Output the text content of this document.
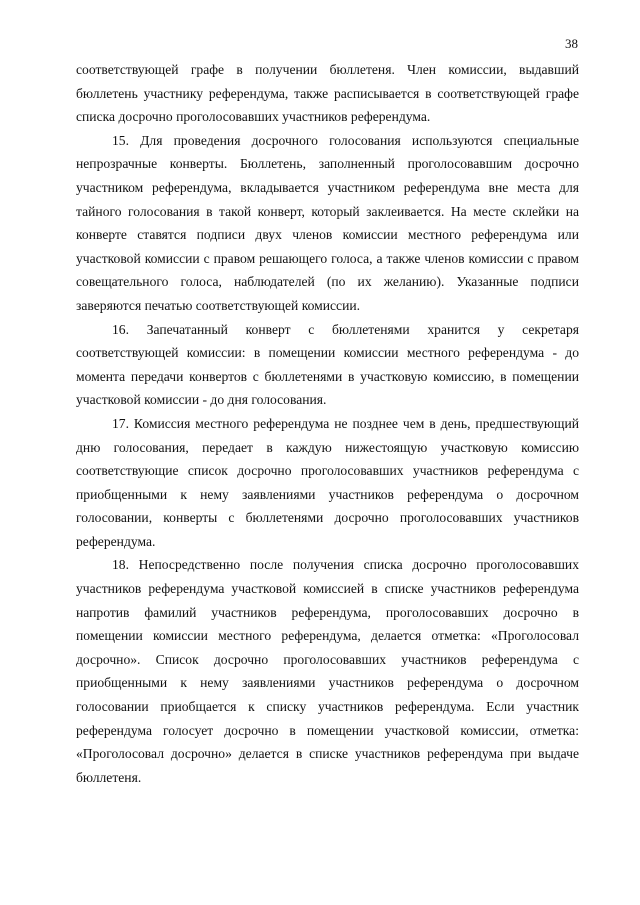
38

соответствующей графе в получении бюллетеня. Член комиссии, выдавший бюллетень участнику референдума, также расписывается в соответствующей графе списка досрочно проголосовавших участников референдума.

15. Для проведения досрочного голосования используются специальные непрозрачные конверты. Бюллетень, заполненный проголосовавшим досрочно участником референдума, вкладывается участником референдума вне места для тайного голосования в такой конверт, который заклеивается. На месте склейки на конверте ставятся подписи двух членов комиссии местного референдума или участковой комиссии с правом решающего голоса, а также членов комиссии с правом совещательного голоса, наблюдателей (по их желанию). Указанные подписи заверяются печатью соответствующей комиссии.

16. Запечатанный конверт с бюллетенями хранится у секретаря соответствующей комиссии: в помещении комиссии местного референдума - до момента передачи конвертов с бюллетенями в участковую комиссию, в помещении участковой комиссии - до дня голосования.

17. Комиссия местного референдума не позднее чем в день, предшествующий дню голосования, передает в каждую нижестоящую участковую комиссию соответствующие список досрочно проголосовавших участников референдума с приобщенными к нему заявлениями участников референдума о досрочном голосовании, конверты с бюллетенями досрочно проголосовавших участников референдума.

18. Непосредственно после получения списка досрочно проголосовавших участников референдума участковой комиссией в списке участников референдума напротив фамилий участников референдума, проголосовавших досрочно в помещении комиссии местного референдума, делается отметка: «Проголосовал досрочно». Список досрочно проголосовавших участников референдума с приобщенными к нему заявлениями участников референдума о досрочном голосовании приобщается к списку участников референдума. Если участник референдума голосует досрочно в помещении участковой комиссии, отметка: «Проголосовал досрочно» делается в списке участников референдума при выдаче бюллетеня.
